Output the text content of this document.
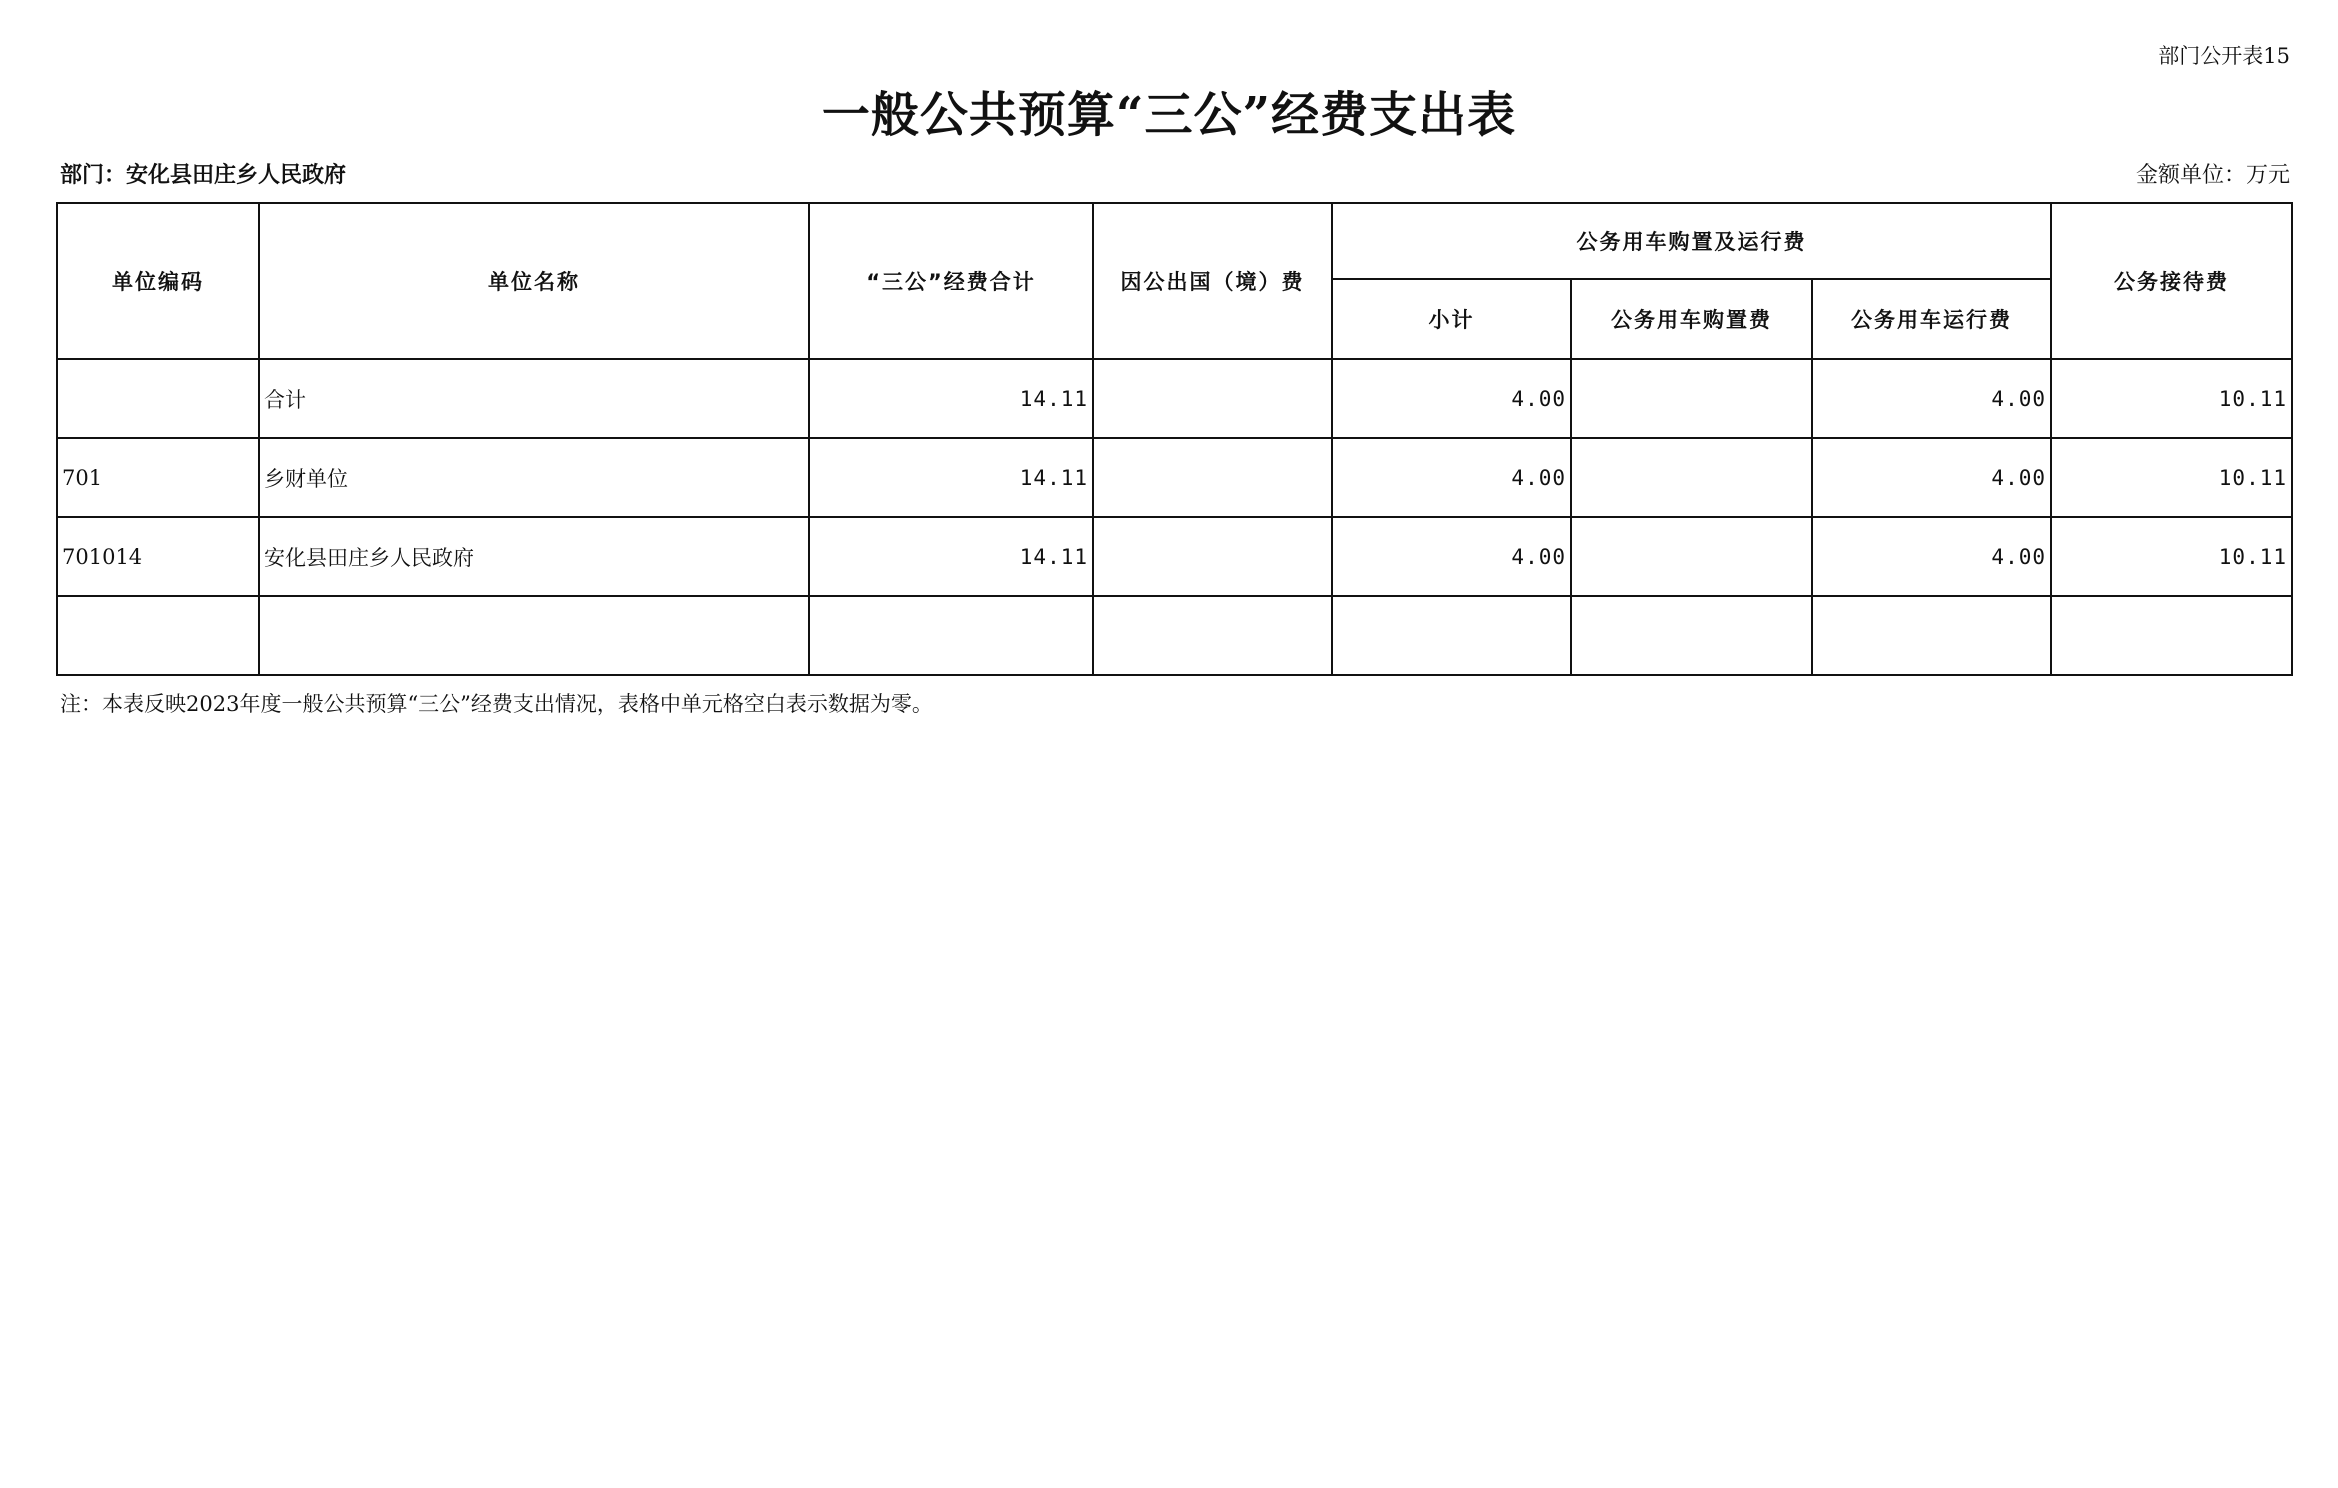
部门公开表15
一般公共预算“三公”经费支出表
部门：安化县田庄乡人民政府	金额单位：万元
单位编码	单位名称	“三公”经费合计	因公出国（境）费	公务用车购置及运行费			公务接待费
				小计	公务用车购置费	公务用车运行费	
	合计	14.11		4.00		4.00	10.11
701	乡财单位	14.11		4.00		4.00	10.11
701014	安化县田庄乡人民政府	14.11		4.00		4.00	10.11

注：本表反映2023年度一般公共预算“三公”经费支出情况，表格中单元格空白表示数据为零。
